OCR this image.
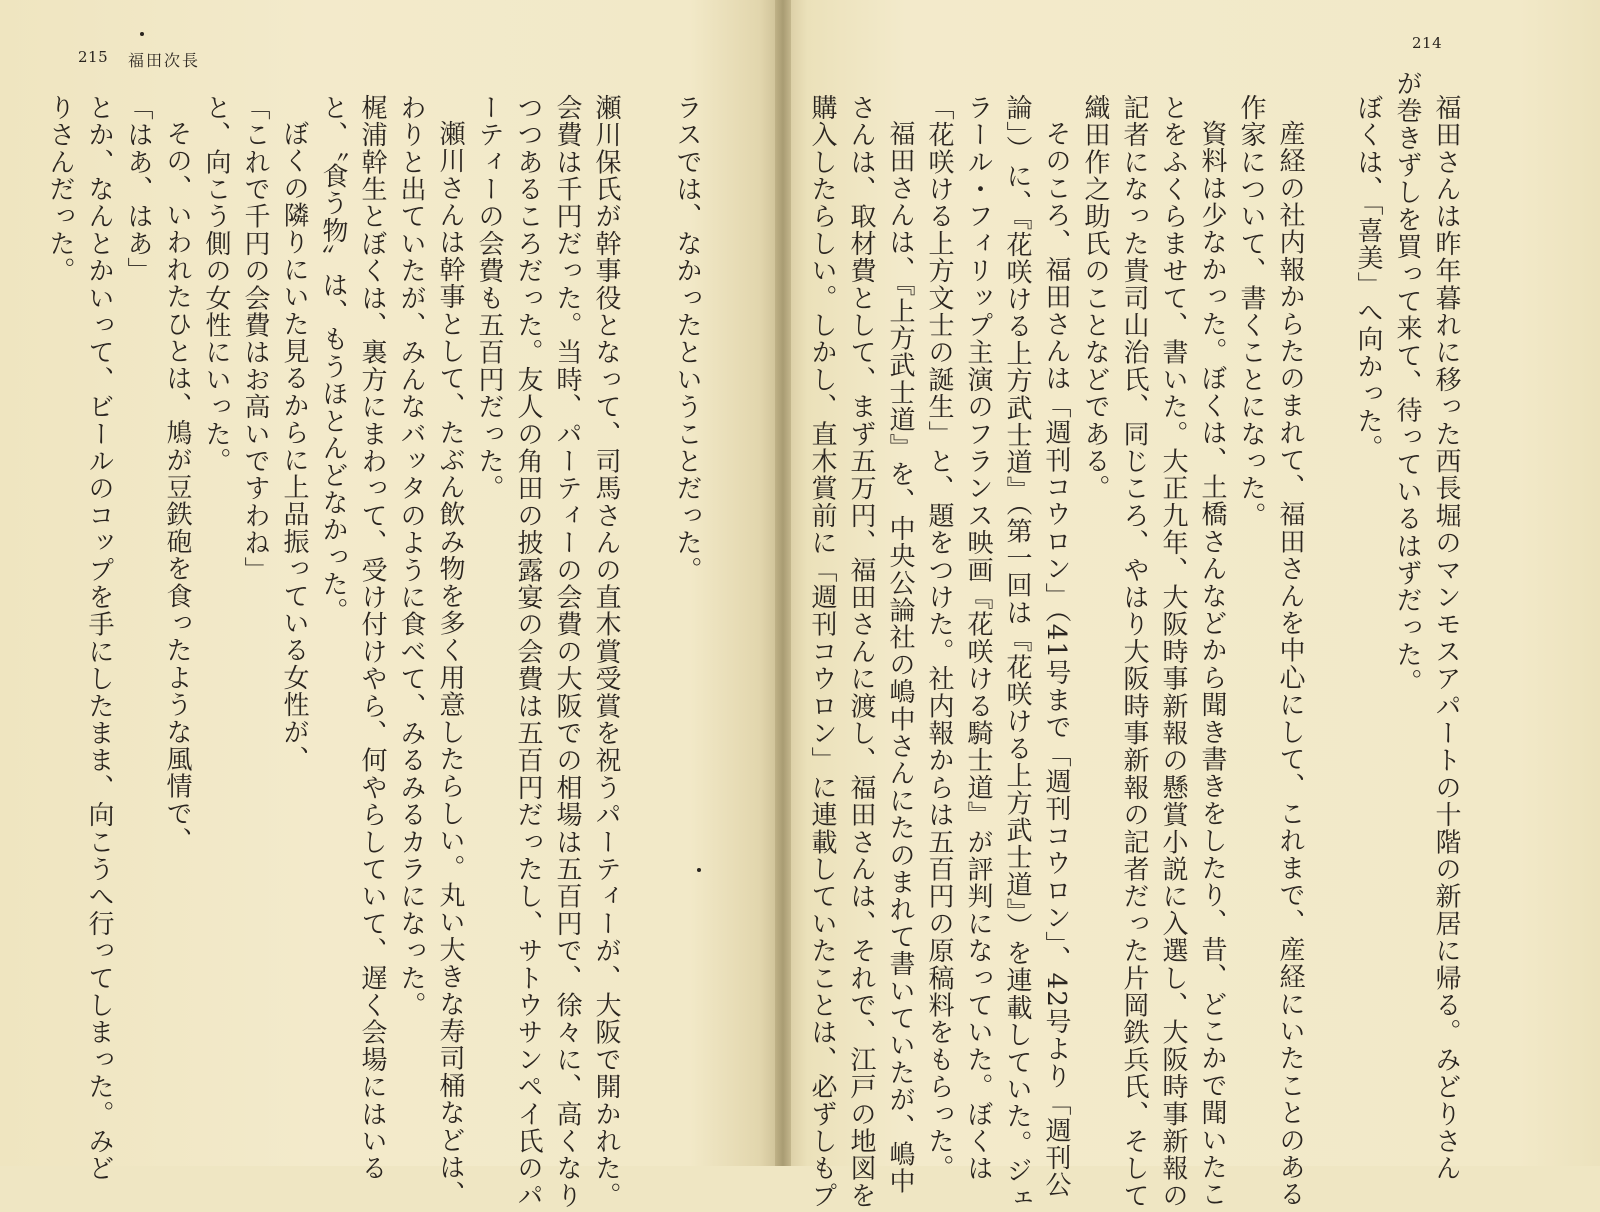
215 福田次長
214
ラスでは、なかったということだった。
瀬川保氏が幹事役となって、司馬さんの直木賞受賞を祝うパーティーが、大阪で開かれた。
会費は千円だった。当時、パーティーの会費の大阪での相場は五百円で、徐々に、高くなり
つつあるころだった。友人の角田の披露宴の会費は五百円だったし、サトウサンペイ氏のパ
ーティーの会費も五百円だった。
瀬川さんは幹事として、たぶん飲み物を多く用意したらしい。丸い大きな寿司桶などは、
わりと出ていたが、みんなバッタのように食べて、みるみるカラになった。
梶浦幹生とぼくは、裏方にまわって、受け付けやら、何やらしていて、遅く会場にはいる
と、〝食う物〟は、もうほとんどなかった。
ぼくの隣りにいた見るからに上品振っている女性が、
「これで千円の会費はお高いですわね」
と、向こう側の女性にいった。
その、いわれたひとは、鳩が豆鉄砲を食ったような風情で、
「はあ、はあ」
とか、なんとかいって、ビールのコップを手にしたまま、向こうへ行ってしまった。みど
りさんだった。	福田さんは昨年暮れに移った西長堀のマンモスアパートの十階の新居に帰る。みどりさん
が巻きずしを買って来て、待っているはずだった。
ぼくは、「喜美」へ向かった。
産経の社内報からたのまれて、福田さんを中心にして、これまで、産経にいたことのある
作家について、書くことになった。
資料は少なかった。ぼくは、土橋さんなどから聞き書きをしたり、昔、どこかで聞いたこ
とをふくらませて、書いた。大正九年、大阪時事新報の懸賞小説に入選し、大阪時事新報の
記者になった貴司山治氏、同じころ、やはり大阪時事新報の記者だった片岡鉄兵氏、そして
織田作之助氏のことなどである。
そのころ、福田さんは「週刊コウロン」（41号まで「週刊コウロン」、42号より「週刊公
論」）に、『花咲ける上方武士道』（第一回は『花咲ける上方武士道』）を連載していた。ジェ
ラール・フィリップ主演のフランス映画『花咲ける騎士道』が評判になっていた。ぼくは
「花咲ける上方文士の誕生」と、題をつけた。社内報からは五百円の原稿料をもらった。
福田さんは、『上方武士道』を、中央公論社の嶋中さんにたのまれて書いていたが、嶋中
さんは、取材費として、まず五万円、福田さんに渡し、福田さんは、それで、江戸の地図を
購入したらしい。しかし、直木賞前に「週刊コウロン」に連載していたことは、必ずしもプ
